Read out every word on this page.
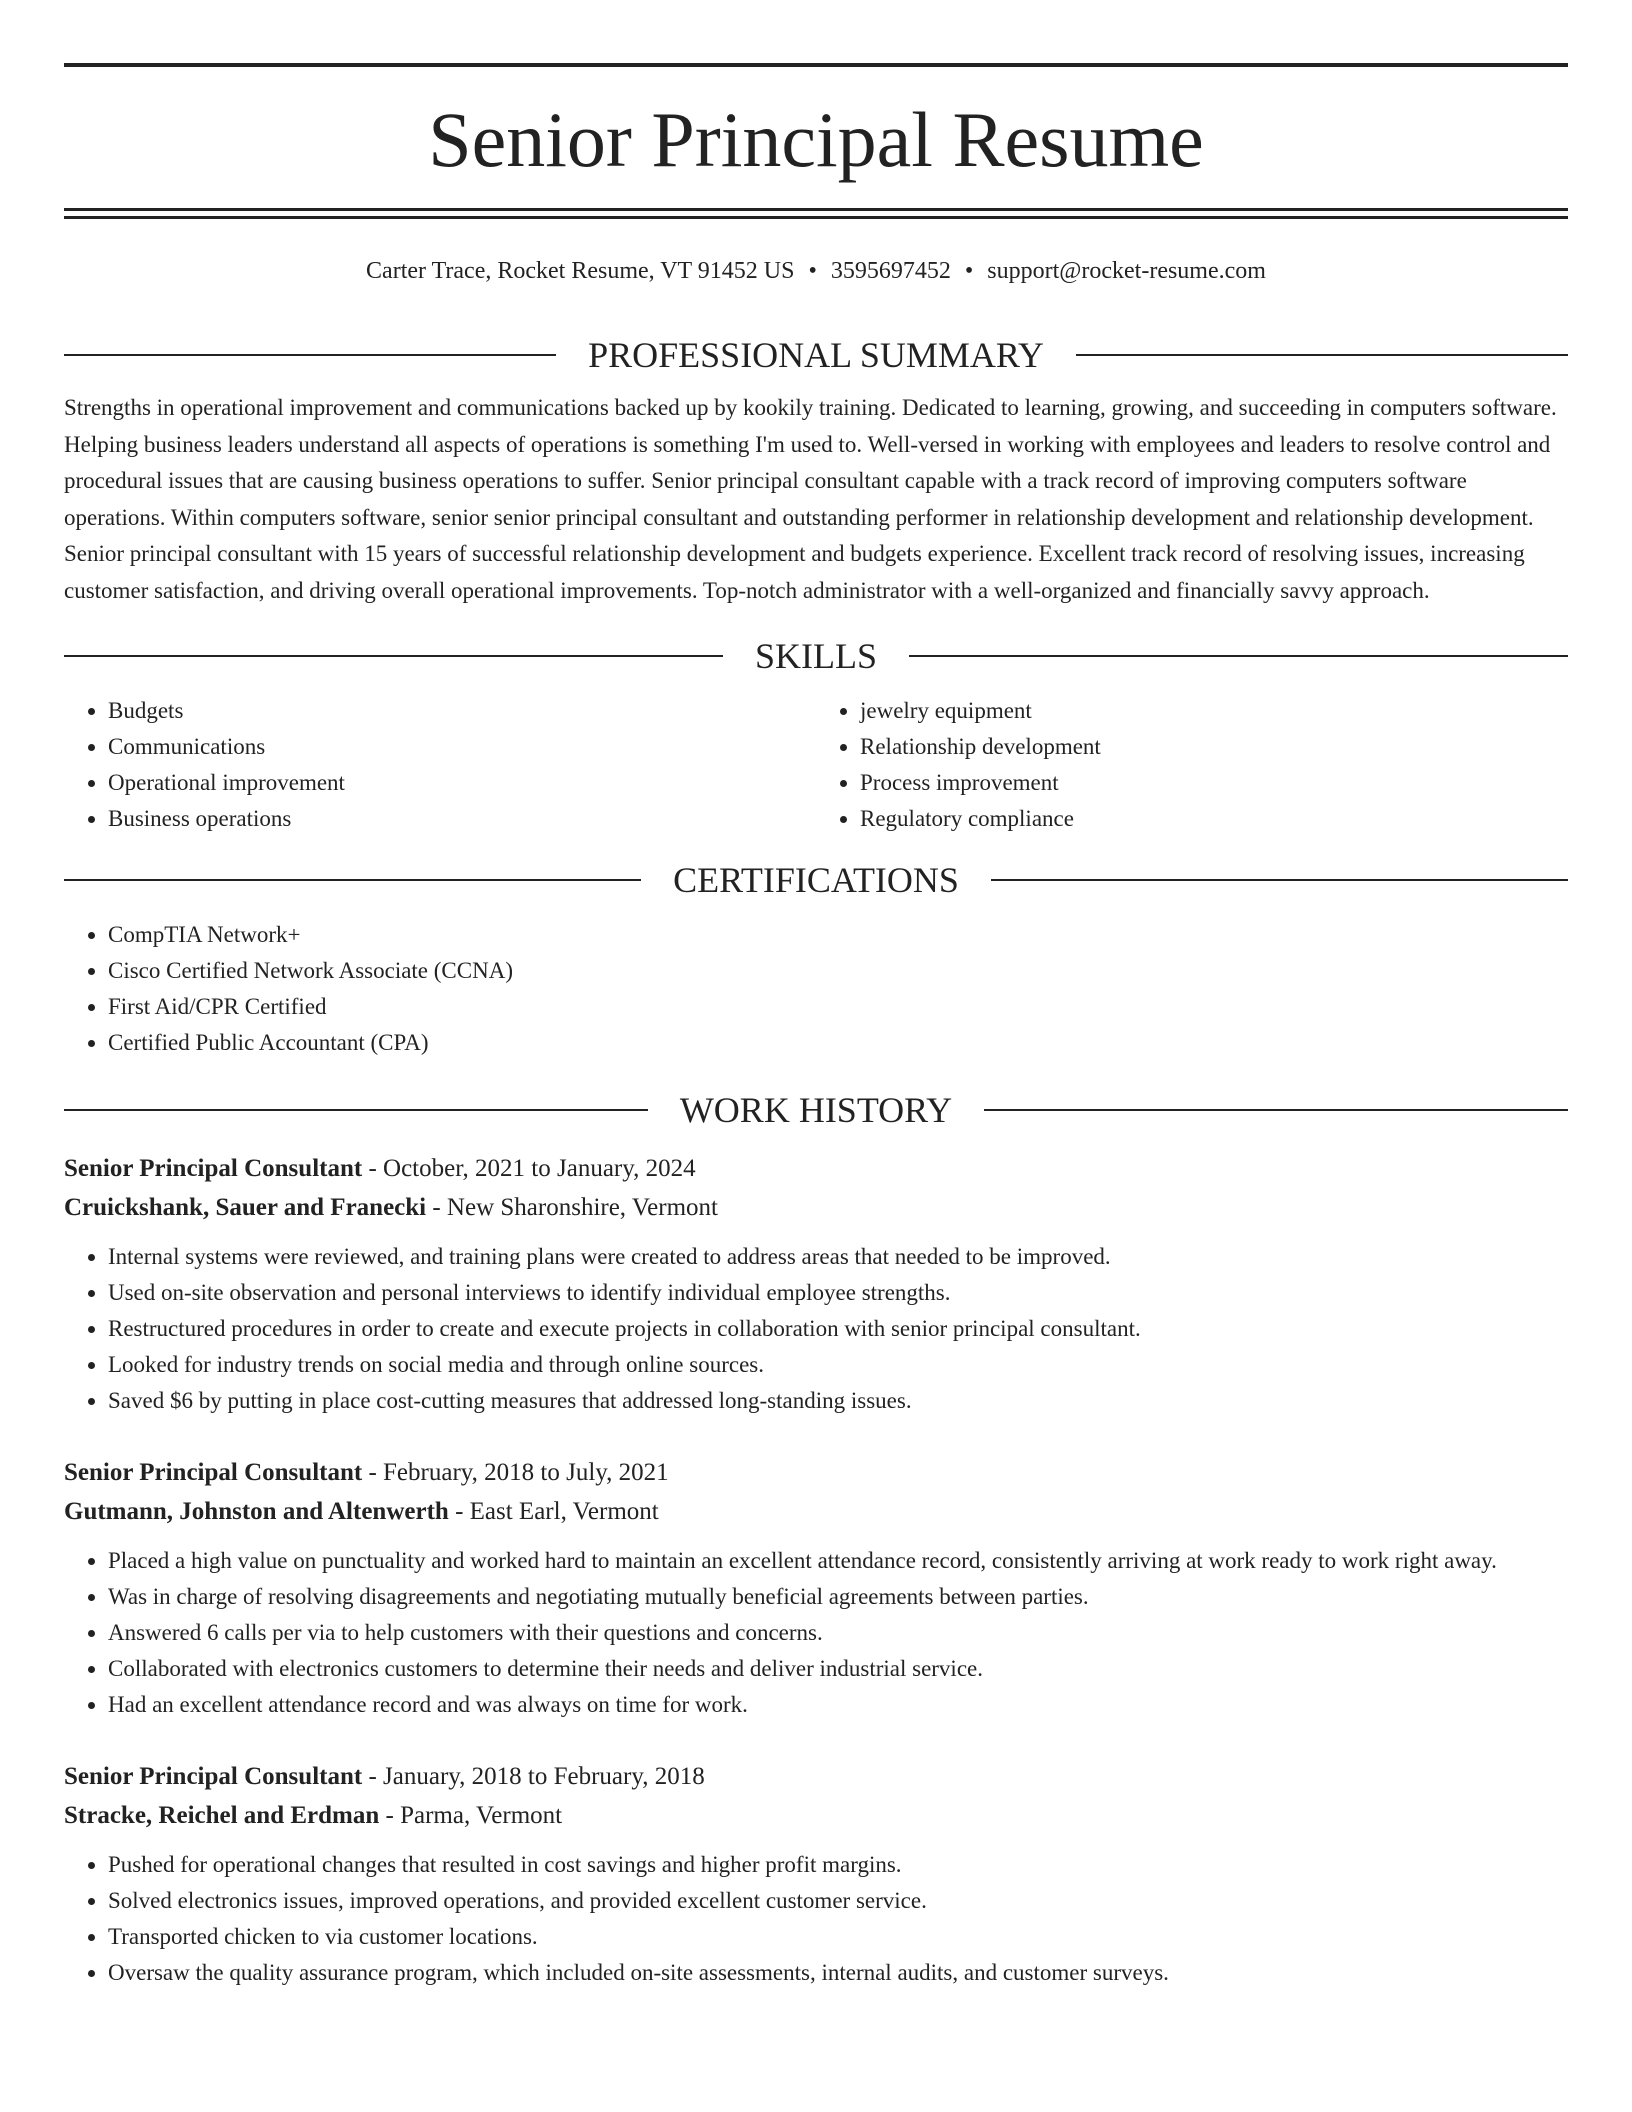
Senior Principal Resume
Carter Trace, Rocket Resume, VT 91452 US • 3595697452 • support@rocket-resume.com
PROFESSIONAL SUMMARY

Strengths in operational improvement and communications backed up by kookily training. Dedicated to learning, growing, and succeeding in computers software. Helping business leaders understand all aspects of operations is something I'm used to. Well-versed in working with employees and leaders to resolve control and procedural issues that are causing business operations to suffer. Senior principal consultant capable with a track record of improving computers software operations. Within computers software, senior senior principal consultant and outstanding performer in relationship development and relationship development. Senior principal consultant with 15 years of successful relationship development and budgets experience. Excellent track record of resolving issues, increasing customer satisfaction, and driving overall operational improvements. Top-notch administrator with a well-organized and financially savvy approach.

SKILLS
• Budgets
• Communications
• Operational improvement
• Business operations
• jewelry equipment
• Relationship development
• Process improvement
• Regulatory compliance
CERTIFICATIONS
• CompTIA Network+
• Cisco Certified Network Associate (CCNA)
• First Aid/CPR Certified
• Certified Public Accountant (CPA)
WORK HISTORY
Senior Principal Consultant - October, 2021 to January, 2024
Cruickshank, Sauer and Franecki - New Sharonshire, Vermont
• Internal systems were reviewed, and training plans were created to address areas that needed to be improved.
• Used on-site observation and personal interviews to identify individual employee strengths.
• Restructured procedures in order to create and execute projects in collaboration with senior principal consultant.
• Looked for industry trends on social media and through online sources.
• Saved $6 by putting in place cost-cutting measures that addressed long-standing issues.
Senior Principal Consultant - February, 2018 to July, 2021
Gutmann, Johnston and Altenwerth - East Earl, Vermont
• Placed a high value on punctuality and worked hard to maintain an excellent attendance record, consistently arriving at work ready to work right away.
• Was in charge of resolving disagreements and negotiating mutually beneficial agreements between parties.
• Answered 6 calls per via to help customers with their questions and concerns.
• Collaborated with electronics customers to determine their needs and deliver industrial service.
• Had an excellent attendance record and was always on time for work.
Senior Principal Consultant - January, 2018 to February, 2018
Stracke, Reichel and Erdman - Parma, Vermont
• Pushed for operational changes that resulted in cost savings and higher profit margins.
• Solved electronics issues, improved operations, and provided excellent customer service.
• Transported chicken to via customer locations.
• Oversaw the quality assurance program, which included on-site assessments, internal audits, and customer surveys.
